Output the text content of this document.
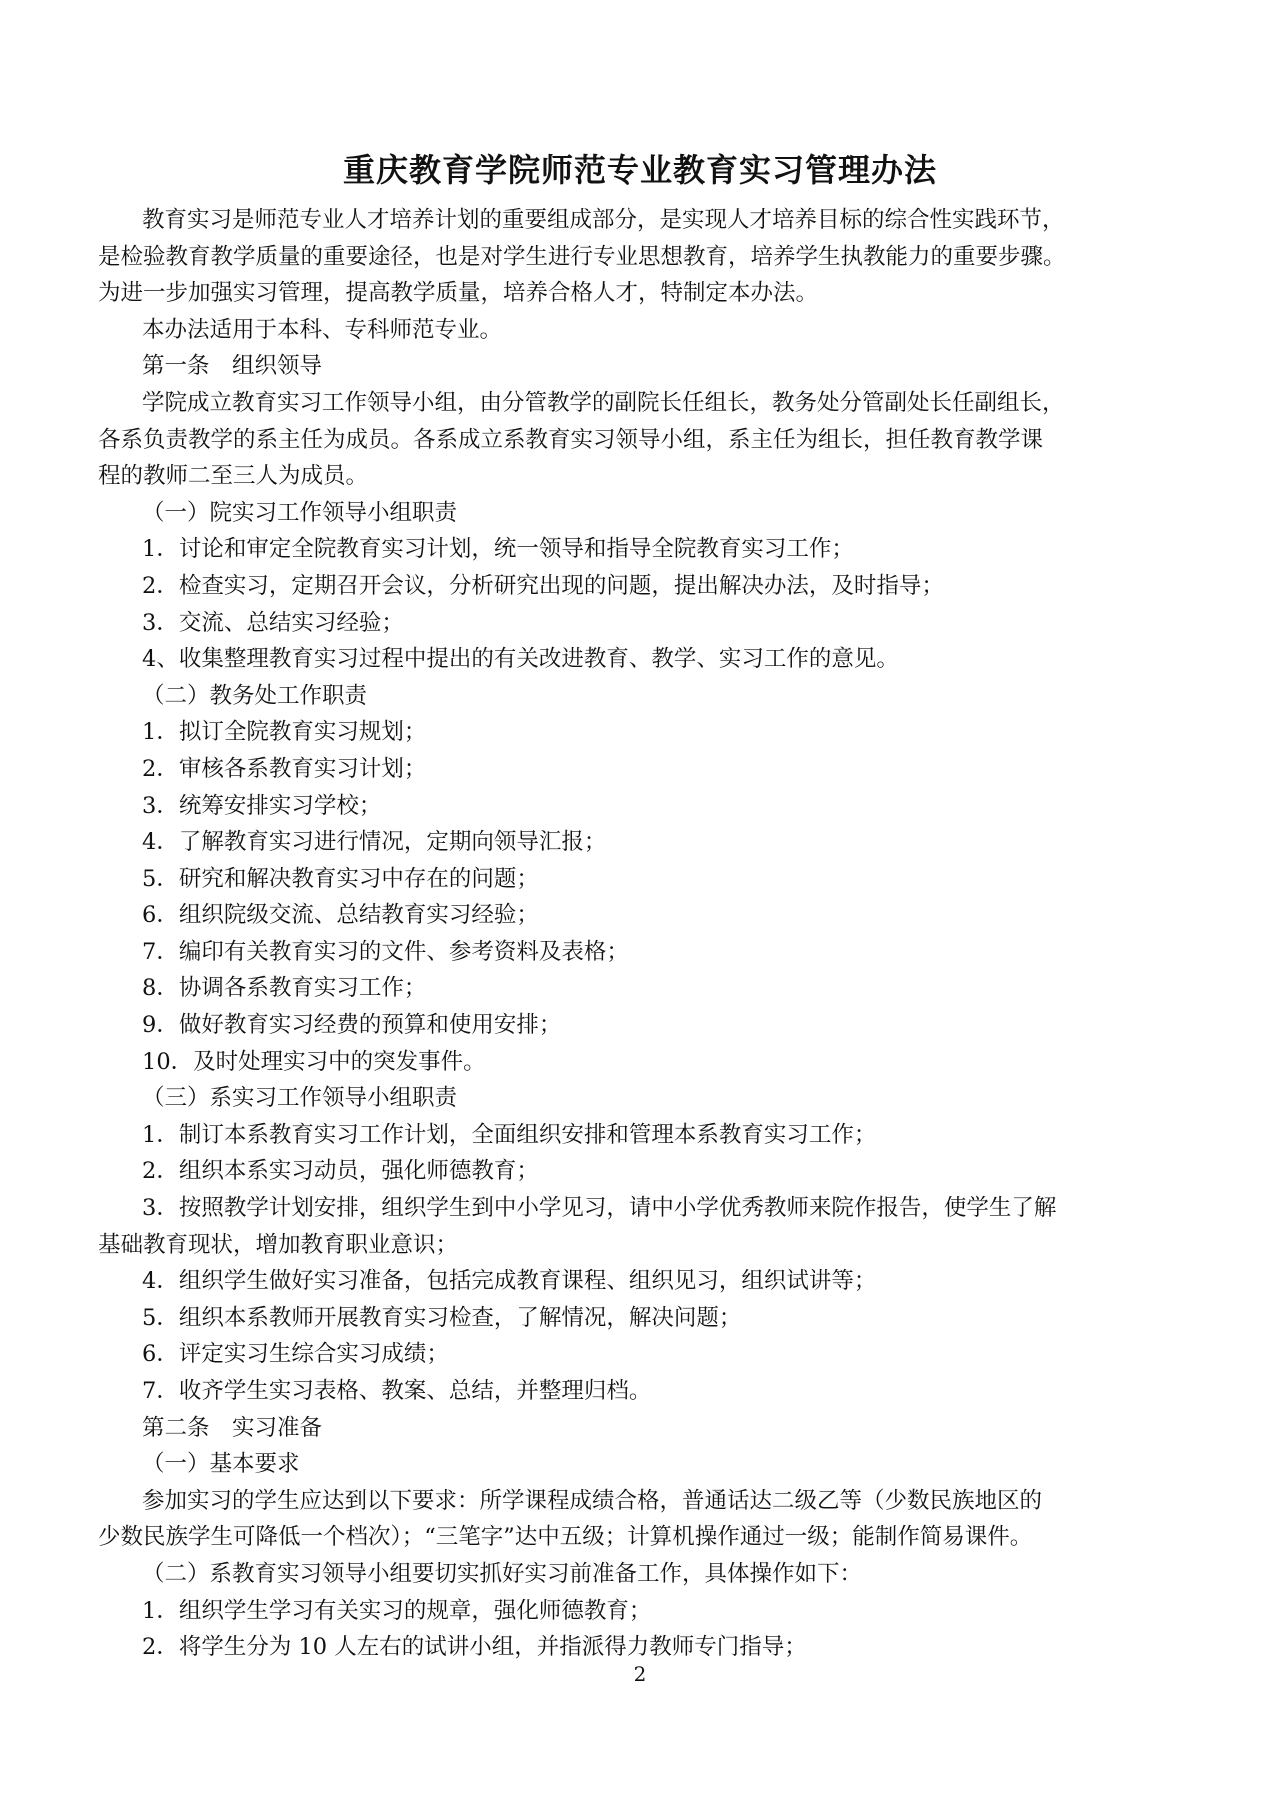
重庆教育学院师范专业教育实习管理办法
教育实习是师范专业人才培养计划的重要组成部分，是实现人才培养目标的综合性实践环节，
是检验教育教学质量的重要途径，也是对学生进行专业思想教育，培养学生执教能力的重要步骤。
为进一步加强实习管理，提高教学质量，培养合格人才，特制定本办法。
本办法适用于本科、专科师范专业。
第一条　组织领导
学院成立教育实习工作领导小组，由分管教学的副院长任组长，教务处分管副处长任副组长，
各系负责教学的系主任为成员。各系成立系教育实习领导小组，系主任为组长，担任教育教学课
程的教师二至三人为成员。
（一）院实习工作领导小组职责
1．讨论和审定全院教育实习计划，统一领导和指导全院教育实习工作；
2．检查实习，定期召开会议，分析研究出现的问题，提出解决办法，及时指导；
3．交流、总结实习经验；
4、收集整理教育实习过程中提出的有关改进教育、教学、实习工作的意见。
（二）教务处工作职责
1．拟订全院教育实习规划；
2．审核各系教育实习计划；
3．统筹安排实习学校；
4．了解教育实习进行情况，定期向领导汇报；
5．研究和解决教育实习中存在的问题；
6．组织院级交流、总结教育实习经验；
7．编印有关教育实习的文件、参考资料及表格；
8．协调各系教育实习工作；
9．做好教育实习经费的预算和使用安排；
10．及时处理实习中的突发事件。
（三）系实习工作领导小组职责
1．制订本系教育实习工作计划，全面组织安排和管理本系教育实习工作；
2．组织本系实习动员，强化师德教育；
3．按照教学计划安排，组织学生到中小学见习，请中小学优秀教师来院作报告，使学生了解
基础教育现状，增加教育职业意识；
4．组织学生做好实习准备，包括完成教育课程、组织见习，组织试讲等；
5．组织本系教师开展教育实习检查，了解情况，解决问题；
6．评定实习生综合实习成绩；
7．收齐学生实习表格、教案、总结，并整理归档。
第二条　实习准备
（一）基本要求
参加实习的学生应达到以下要求：所学课程成绩合格，普通话达二级乙等（少数民族地区的
少数民族学生可降低一个档次）；“三笔字”达中五级；计算机操作通过一级；能制作简易课件。
（二）系教育实习领导小组要切实抓好实习前准备工作，具体操作如下：
1．组织学生学习有关实习的规章，强化师德教育；
2．将学生分为 10 人左右的试讲小组，并指派得力教师专门指导；
2
